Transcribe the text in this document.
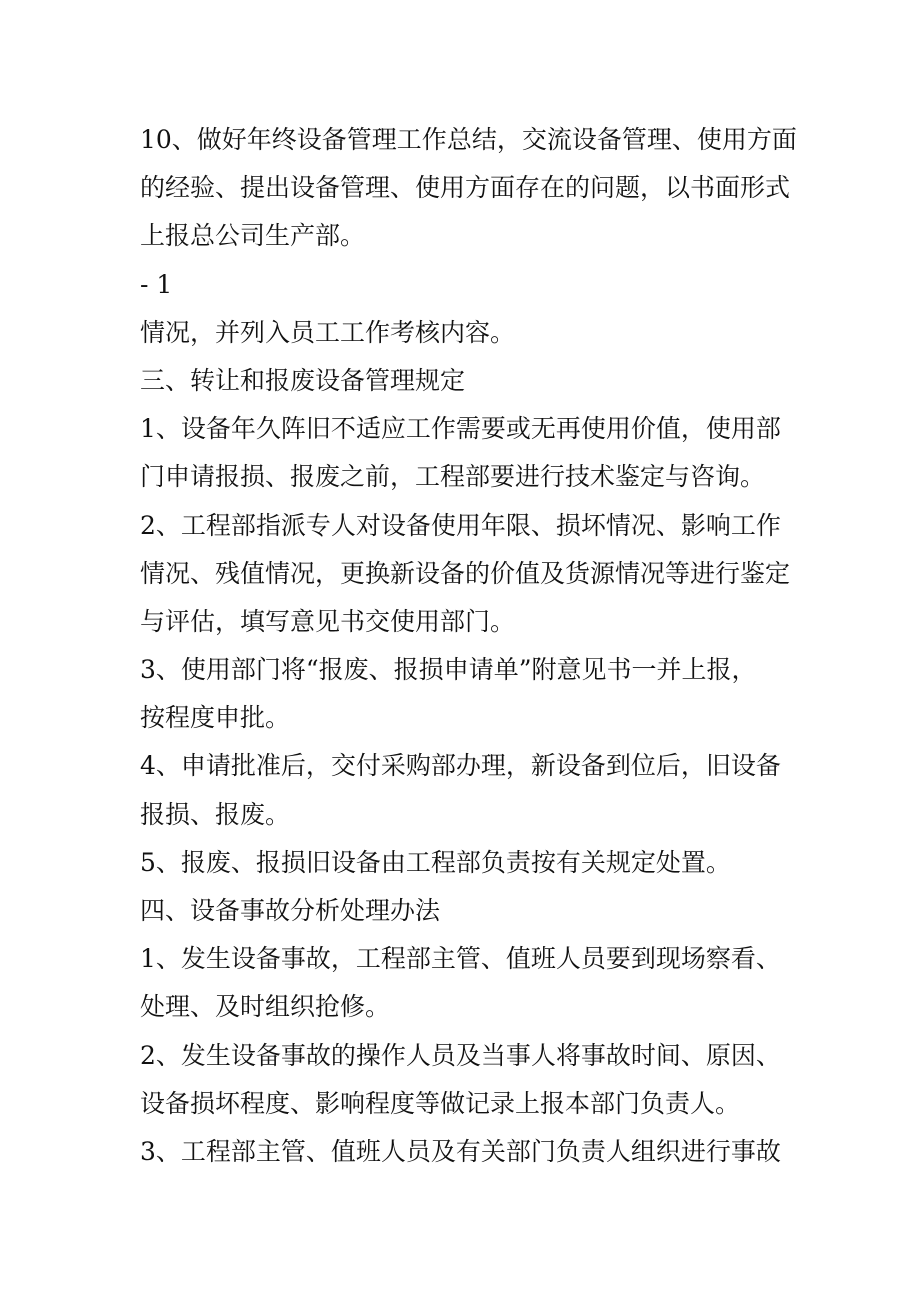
10、做好年终设备管理工作总结，交流设备管理、使用方面
的经验、提出设备管理、使用方面存在的问题，以书面形式
上报总公司生产部。
- 1
情况，并列入员工工作考核内容。
三、转让和报废设备管理规定
1、设备年久阵旧不适应工作需要或无再使用价值，使用部
门申请报损、报废之前，工程部要进行技术鉴定与咨询。
2、工程部指派专人对设备使用年限、损坏情况、影响工作
情况、残值情况，更换新设备的价值及货源情况等进行鉴定
与评估，填写意见书交使用部门。
3、使用部门将“报废、报损申请单”附意见书一并上报，
按程度申批。
4、申请批准后，交付采购部办理，新设备到位后，旧设备
报损、报废。
5、报废、报损旧设备由工程部负责按有关规定处置。
四、设备事故分析处理办法
1、发生设备事故，工程部主管、值班人员要到现场察看、
处理、及时组织抢修。
2、发生设备事故的操作人员及当事人将事故时间、原因、
设备损坏程度、影响程度等做记录上报本部门负责人。
3、工程部主管、值班人员及有关部门负责人组织进行事故
